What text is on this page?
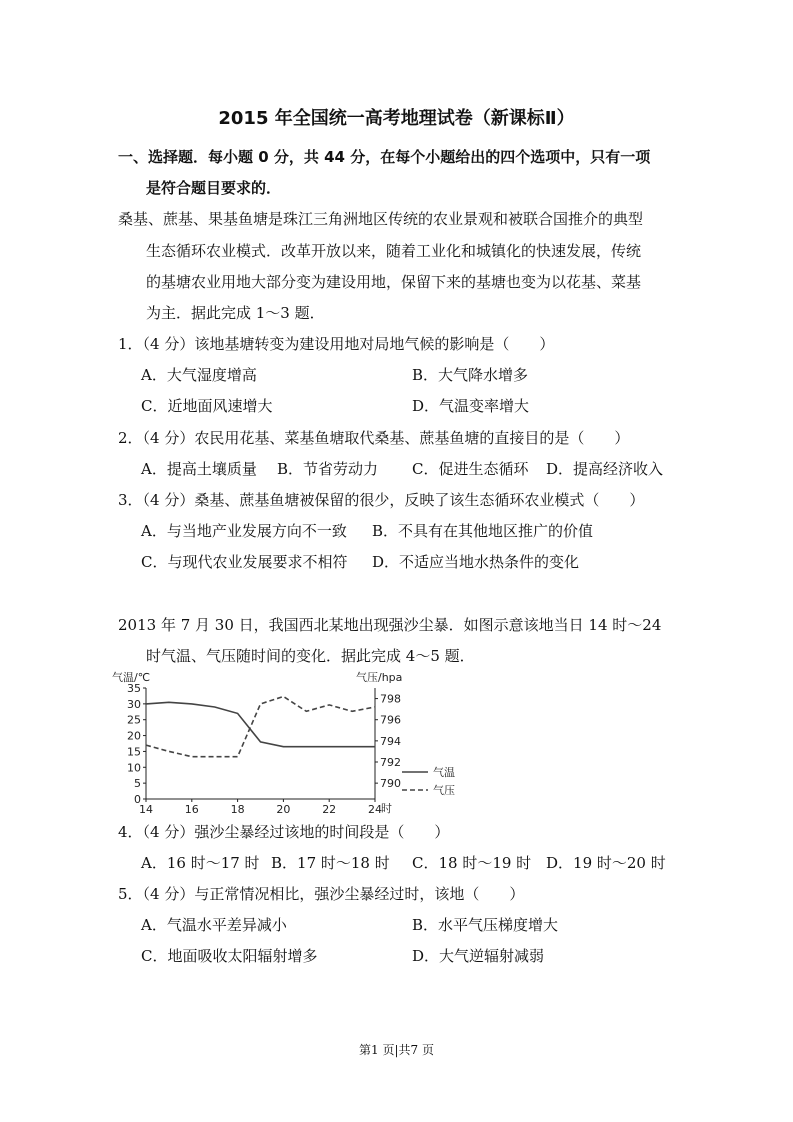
2015 年全国统一高考地理试卷（新课标Ⅱ）
一、选择题．每小题 0 分，共 44 分，在每个小题给出的四个选项中，只有一项
是符合题目要求的．
桑基、蔗基、果基鱼塘是珠江三角洲地区传统的农业景观和被联合国推介的典型
生态循环农业模式．改革开放以来，随着工业化和城镇化的快速发展，传统
的基塘农业用地大部分变为建设用地，保留下来的基塘也变为以花基、菜基
为主．据此完成 1～3 题．
1．（4 分）该地基塘转变为建设用地对局地气候的影响是（　　）
A．大气湿度增高	B．大气降水增多
C．近地面风速增大	D．气温变率增大
2．（4 分）农民用花基、菜基鱼塘取代桑基、蔗基鱼塘的直接目的是（　　）
A．提高土壤质量 B．节省劳动力 C．促进生态循环 D．提高经济收入
3．（4 分）桑基、蔗基鱼塘被保留的很少，反映了该生态循环农业模式（　　）
A．与当地产业发展方向不一致 B．不具有在其他地区推广的价值
C．与现代农业发展要求不相符 D．不适应当地水热条件的变化
2013 年 7 月 30 日，我国西北某地出现强沙尘暴．如图示意该地当日 14 时～24
时气温、气压随时间的变化．据此完成 4～5 题．
气温/℃	气压/hpa
时
0
5
10
15
20
25
30
35
790
792
794
796
798
14	16	18	20	22	24
气温
气压
4．（4 分）强沙尘暴经过该地的时间段是（　　）
A．16 时～17 时 B．17 时～18 时 C．18 时～19 时 D．19 时～20 时
5．（4 分）与正常情况相比，强沙尘暴经过时，该地（　　）
A．气温水平差异减小	B．水平气压梯度增大
C．地面吸收太阳辐射增多	D．大气逆辐射减弱
第1 页|共7 页
